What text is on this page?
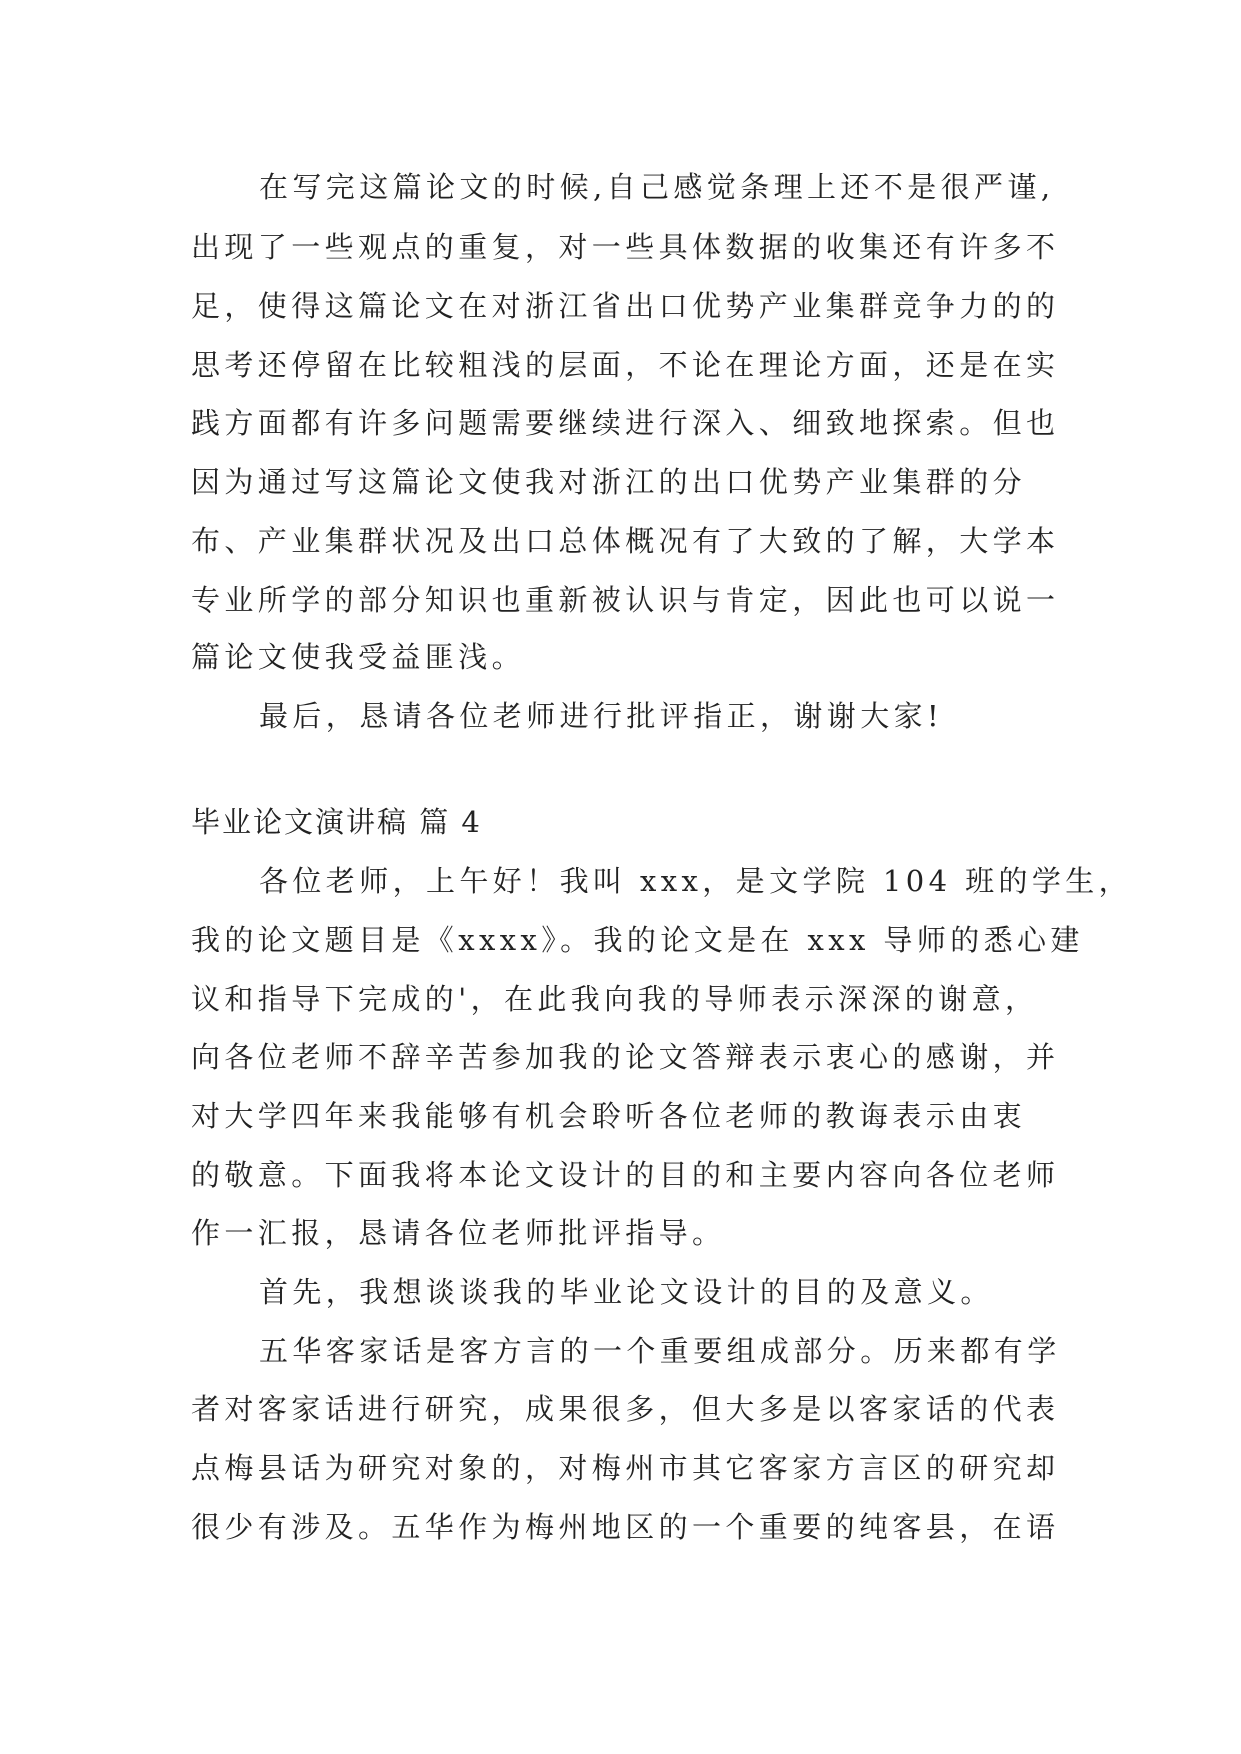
在写完这篇论文的时候,自己感觉条理上还不是很严谨,
出现了一些观点的重复，对一些具体数据的收集还有许多不
足，使得这篇论文在对浙江省出口优势产业集群竞争力的的
思考还停留在比较粗浅的层面，不论在理论方面，还是在实
践方面都有许多问题需要继续进行深入、细致地探索。但也
因为通过写这篇论文使我对浙江的出口优势产业集群的分
布、产业集群状况及出口总体概况有了大致的了解，大学本
专业所学的部分知识也重新被认识与肯定，因此也可以说一
篇论文使我受益匪浅。
最后，恳请各位老师进行批评指正，谢谢大家!
毕业论文演讲稿 篇 4
各位老师，上午好！我叫 xxx，是文学院 104 班的学生，
我的论文题目是《xxxx》。我的论文是在 xxx 导师的悉心建
议和指导下完成的'，在此我向我的导师表示深深的谢意，
向各位老师不辞辛苦参加我的论文答辩表示衷心的感谢，并
对大学四年来我能够有机会聆听各位老师的教诲表示由衷
的敬意。下面我将本论文设计的目的和主要内容向各位老师
作一汇报，恳请各位老师批评指导。
首先，我想谈谈我的毕业论文设计的目的及意义。
五华客家话是客方言的一个重要组成部分。历来都有学
者对客家话进行研究，成果很多，但大多是以客家话的代表
点梅县话为研究对象的，对梅州市其它客家方言区的研究却
很少有涉及。五华作为梅州地区的一个重要的纯客县，在语
